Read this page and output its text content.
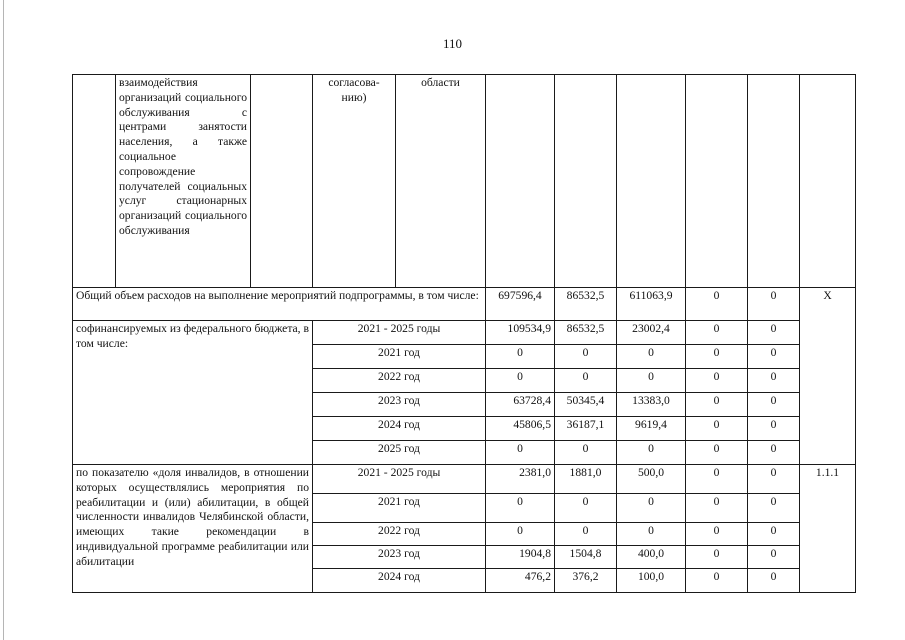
110
	взаимодействия организаций социального обслуживания с центрами занятости населения, а также социальное сопровождение получателей социальных услуг стационарных организаций социального обслуживания		согласова-нию)	области						
Общий объем расходов на выполнение мероприятий подпрограммы, в том числе:					697596,4	86532,5	611063,9	0	0	X
софинансируемых из федерального бюджета, в том числе:			2021 - 2025 годы		109534,9	86532,5	23002,4	0	0	
			2021 год		0	0	0	0	0	
			2022 год		0	0	0	0	0	
			2023 год		63728,4	50345,4	13383,0	0	0	
			2024 год		45806,5	36187,1	9619,4	0	0	
			2025 год		0	0	0	0	0	
по показателю «доля инвалидов, в отношении которых осуществлялись мероприятия по реабилитации и (или) абилитации, в общей численности инвалидов Челябинской области, имеющих такие рекомендации в индивидуальной программе реабилитации или абилитации			2021 - 2025 годы		2381,0	1881,0	500,0	0	0	1.1.1
			2021 год		0	0	0	0	0	
			2022 год		0	0	0	0	0	
			2023 год		1904,8	1504,8	400,0	0	0	
			2024 год		476,2	376,2	100,0	0	0	
